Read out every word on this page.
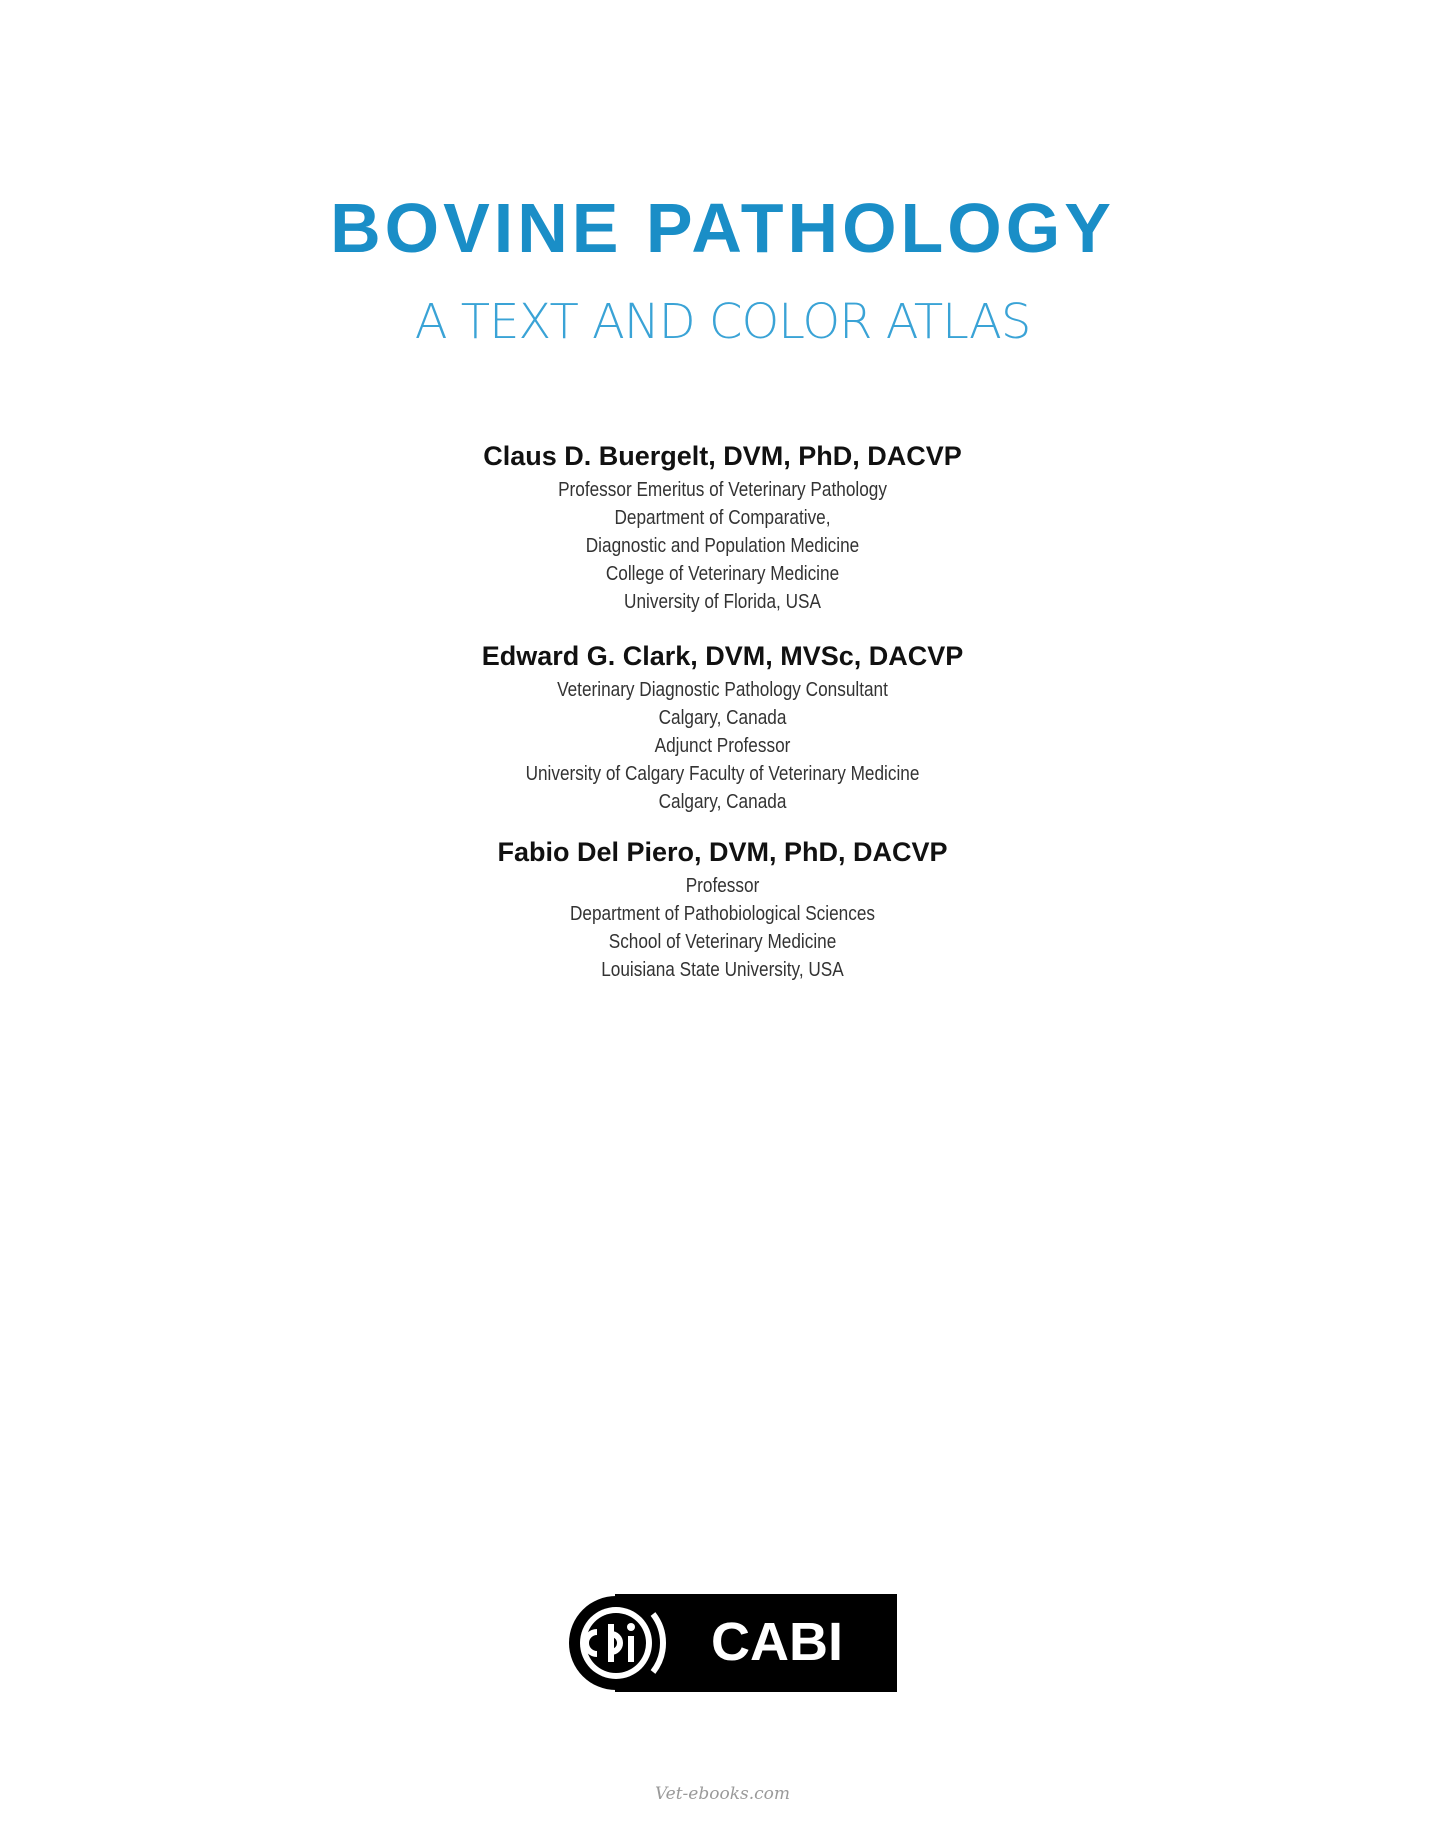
BOVINE PATHOLOGY
A TEXT AND COLOR ATLAS
Claus D. Buergelt, DVM, PhD, DACVP
Professor Emeritus of Veterinary Pathology
Department of Comparative,
Diagnostic and Population Medicine
College of Veterinary Medicine
University of Florida, USA
Edward G. Clark, DVM, MVSc, DACVP
Veterinary Diagnostic Pathology Consultant
Calgary, Canada
Adjunct Professor
University of Calgary Faculty of Veterinary Medicine
Calgary, Canada
Fabio Del Piero, DVM, PhD, DACVP
Professor
Department of Pathobiological Sciences
School of Veterinary Medicine
Louisiana State University, USA
CABI
Vet-ebooks.com
